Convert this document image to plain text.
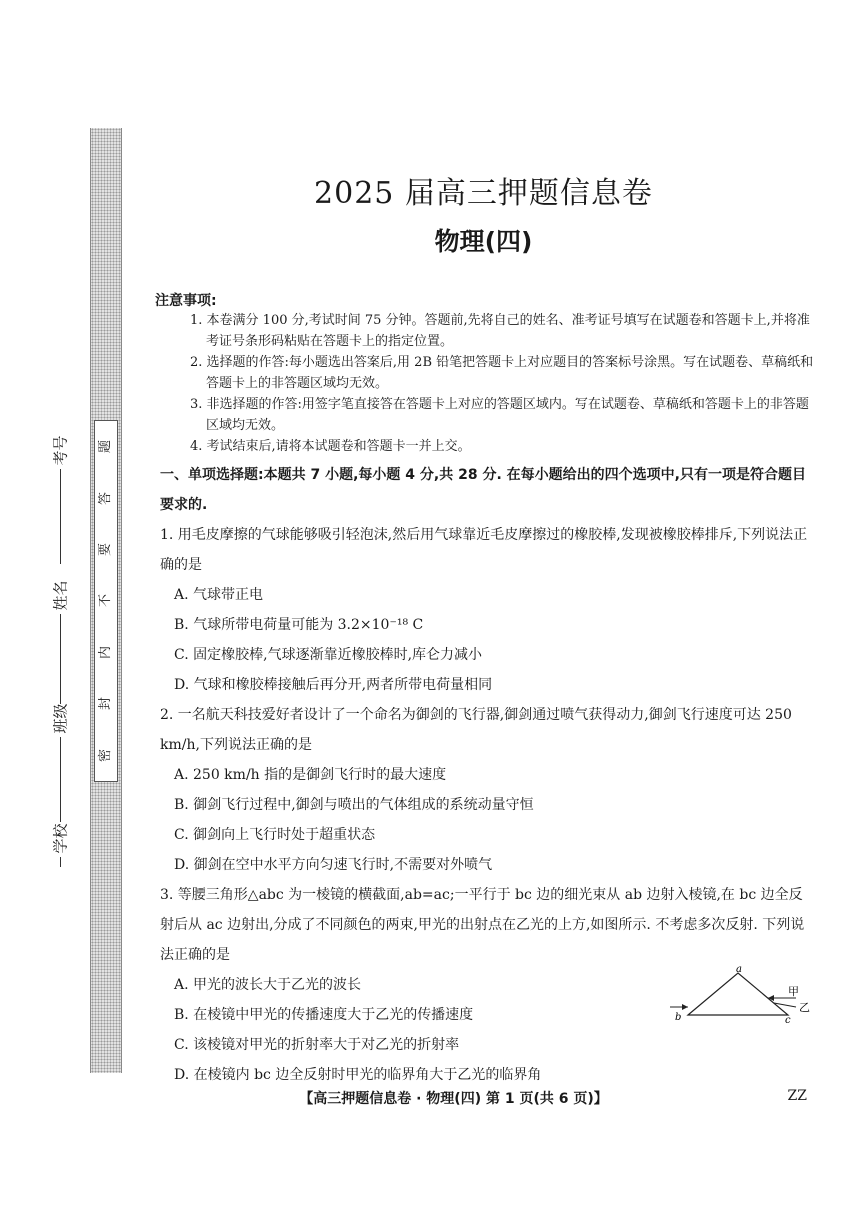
题
答
要
不
内
封
密
考号
姓名
班级
学校
2025 届高三押题信息卷
物理(四)
注意事项:

1. 本卷满分 100 分,考试时间 75 分钟。答题前,先将自己的姓名、准考证号填写在试题卷和答题卡上,并将准考证号条形码粘贴在答题卡上的指定位置。

2. 选择题的作答:每小题选出答案后,用 2B 铅笔把答题卡上对应题目的答案标号涂黑。写在试题卷、草稿纸和答题卡上的非答题区域均无效。

3. 非选择题的作答:用签字笔直接答在答题卡上对应的答题区域内。写在试题卷、草稿纸和答题卡上的非答题区域均无效。

4. 考试结束后,请将本试题卷和答题卡一并上交。

一、单项选择题:本题共 7 小题,每小题 4 分,共 28 分. 在每小题给出的四个选项中,只有一项是符合题目要求的.
1. 用毛皮摩擦的气球能够吸引轻泡沫,然后用气球靠近毛皮摩擦过的橡胶棒,发现被橡胶棒排斥,下列说法正确的是
A. 气球带正电
B. 气球所带电荷量可能为 3.2×10⁻¹⁸ C
C. 固定橡胶棒,气球逐渐靠近橡胶棒时,库仑力减小
D. 气球和橡胶棒接触后再分开,两者所带电荷量相同
2. 一名航天科技爱好者设计了一个命名为御剑的飞行器,御剑通过喷气获得动力,御剑飞行速度可达 250 km/h,下列说法正确的是
A. 250 km/h 指的是御剑飞行时的最大速度
B. 御剑飞行过程中,御剑与喷出的气体组成的系统动量守恒
C. 御剑向上飞行时处于超重状态
D. 御剑在空中水平方向匀速飞行时,不需要对外喷气
3. 等腰三角形△abc 为一棱镜的横截面,ab=ac;一平行于 bc 边的细光束从 ab 边射入棱镜,在 bc 边全反射后从 ac 边射出,分成了不同颜色的两束,甲光的出射点在乙光的上方,如图所示. 不考虑多次反射. 下列说法正确的是
A. 甲光的波长大于乙光的波长
B. 在棱镜中甲光的传播速度大于乙光的传播速度
C. 该棱镜对甲光的折射率大于对乙光的折射率
D. 在棱镜内 bc 边全反射时甲光的临界角大于乙光的临界角
a
b	c
甲
乙
【高三押题信息卷 · 物理(四) 第 1 页(共 6 页)】	ZZ
